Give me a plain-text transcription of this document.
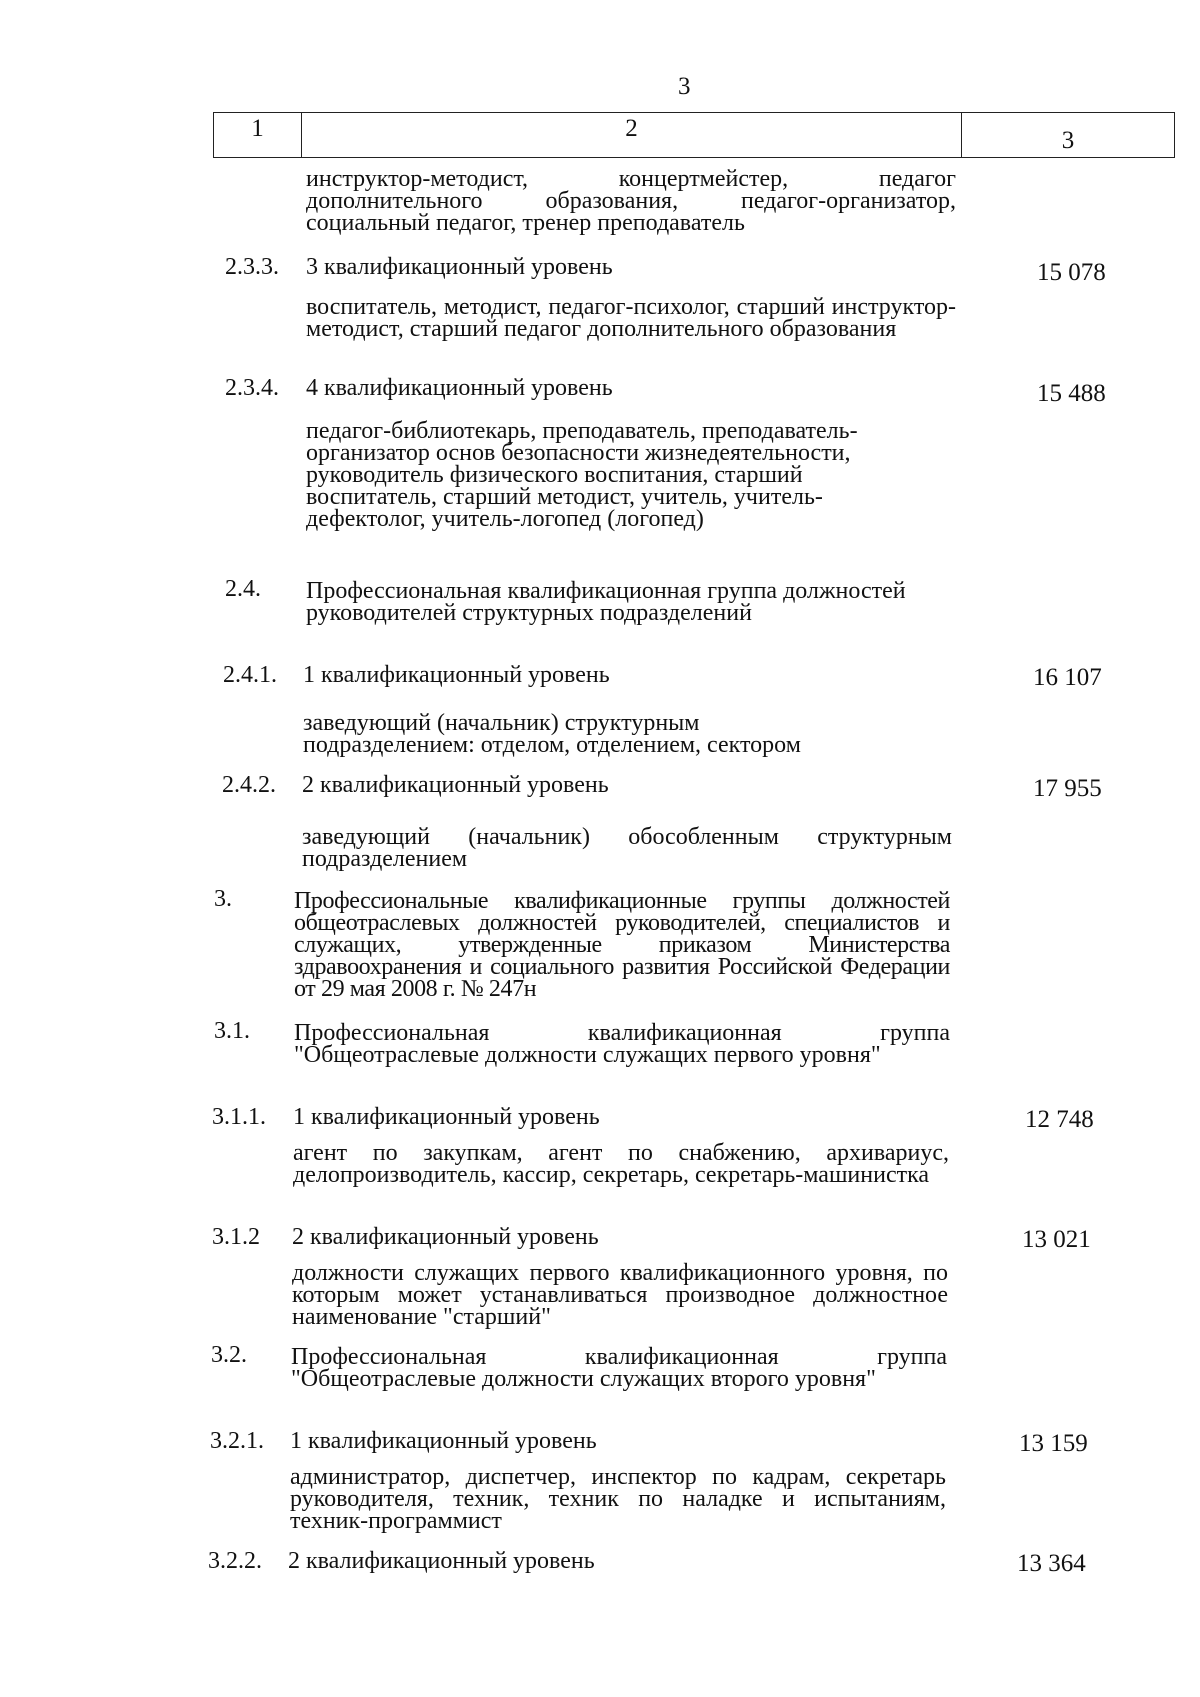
3
1	2	3
инструктор-методист, концертмейстер, педагог дополнительного образования, педагог-организатор, социальный педагог, тренер преподаватель
2.3.3. 3 квалификационный уровень	15 078
воспитатель, методист, педагог-психолог, старший инструктор-методист, старший педагог дополнительного образования
2.3.4. 4 квалификационный уровень	15 488
педагог-библиотекарь, преподаватель, преподаватель-организатор основ безопасности жизнедеятельности, руководитель физического воспитания, старший воспитатель, старший методист, учитель, учитель-дефектолог, учитель-логопед (логопед)
2.4. Профессиональная квалификационная группа должностей руководителей структурных подразделений
2.4.1. 1 квалификационный уровень	16 107
заведующий (начальник) структурным подразделением: отделом, отделением, сектором
2.4.2. 2 квалификационный уровень	17 955
заведующий (начальник) обособленным структурным подразделением
3.	Профессиональные квалификационные группы должностей общеотраслевых должностей руководителей, специалистов и служащих, утвержденные приказом Министерства здравоохранения и социального развития Российской Федерации от 29 мая 2008 г. № 247н
3.1. Профессиональная квалификационная группа "Общеотраслевые должности служащих первого уровня"
3.1.1. 1 квалификационный уровень	12 748
агент по закупкам, агент по снабжению, архивариус, делопроизводитель, кассир, секретарь, секретарь-машинистка
3.1.2 2 квалификационный уровень	13 021
должности служащих первого квалификационного уровня, по которым может устанавливаться производное должностное наименование "старший"
3.2. Профессиональная квалификационная группа "Общеотраслевые должности служащих второго уровня"
3.2.1. 1 квалификационный уровень	13 159
администратор, диспетчер, инспектор по кадрам, секретарь руководителя, техник, техник по наладке и испытаниям, техник-программист
3.2.2. 2 квалификационный уровень	13 364
